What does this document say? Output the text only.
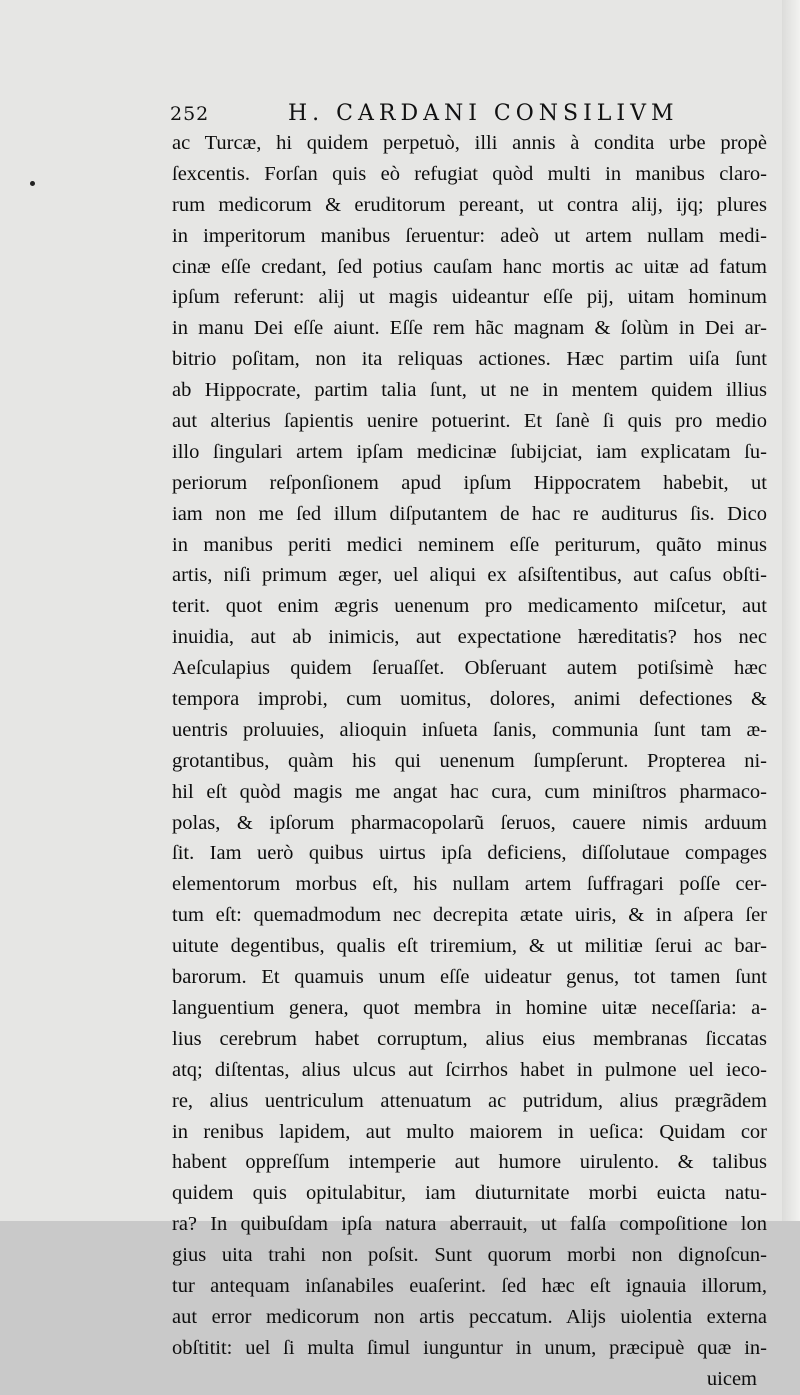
252	H. CARDANI CONSILIVM
ac Turcæ, hi quidem perpetuò, illi annis à condita urbe propè
ſexcentis. Forſan quis eò refugiat quòd multi in manibus claro-
rum medicorum & eruditorum pereant, ut contra alij, ijq; plures
in imperitorum manibus ſeruentur: adeò ut artem nullam medi-
cinæ eſſe credant, ſed potius cauſam hanc mortis ac uitæ ad fatum
ipſum referunt: alij ut magis uideantur eſſe pij, uitam hominum
in manu Dei eſſe aiunt. Eſſe rem hãc magnam & ſolùm in Dei ar-
bitrio poſitam, non ita reliquas actiones. Hæc partim uiſa ſunt
ab Hippocrate, partim talia ſunt, ut ne in mentem quidem illius
aut alterius ſapientis uenire potuerint. Et ſanè ſi quis pro medio
illo ſingulari artem ipſam medicinæ ſubijciat, iam explicatam ſu-
periorum reſponſionem apud ipſum Hippocratem habebit, ut
iam non me ſed illum diſputantem de hac re auditurus ſis. Dico
in manibus periti medici neminem eſſe periturum, quãto minus
artis, niſi primum æger, uel aliqui ex aſsiſtentibus, aut caſus obſti-
terit. quot enim ægris uenenum pro medicamento miſcetur, aut
inuidia, aut ab inimicis, aut expectatione hæreditatis? hos nec
Aeſculapius quidem ſeruaſſet. Obſeruant autem potiſsimè hæc
tempora improbi, cum uomitus, dolores, animi defectiones &
uentris proluuies, alioquin inſueta ſanis, communia ſunt tam æ-
grotantibus, quàm his qui uenenum ſumpſerunt. Propterea ni-
hil eſt quòd magis me angat hac cura, cum miniſtros pharmaco-
polas, & ipſorum pharmacopolarũ ſeruos, cauere nimis arduum
ſit. Iam uerò quibus uirtus ipſa deficiens, diſſolutaue compages
elementorum morbus eſt, his nullam artem ſuffragari poſſe cer-
tum eſt: quemadmodum nec decrepita ætate uiris, & in aſpera ſer
uitute degentibus, qualis eſt triremium, & ut militiæ ſerui ac bar-
barorum. Et quamuis unum eſſe uideatur genus, tot tamen ſunt
languentium genera, quot membra in homine uitæ neceſſaria: a-
lius cerebrum habet corruptum, alius eius membranas ſiccatas
atq; diſtentas, alius ulcus aut ſcirrhos habet in pulmone uel ieco-
re, alius uentriculum attenuatum ac putridum, alius prægrãdem
in renibus lapidem, aut multo maiorem in ueſica: Quidam cor
habent oppreſſum intemperie aut humore uirulento. & talibus
quidem quis opitulabitur, iam diuturnitate morbi euicta natu-
ra? In quibuſdam ipſa natura aberrauit, ut falſa compoſitione lon
gius uita trahi non poſsit. Sunt quorum morbi non dignoſcun-
tur antequam inſanabiles euaſerint. ſed hæc eſt ignauia illorum,
aut error medicorum non artis peccatum. Alijs uiolentia externa
obſtitit: uel ſi multa ſimul iunguntur in unum, præcipuè quæ in-
uicem
